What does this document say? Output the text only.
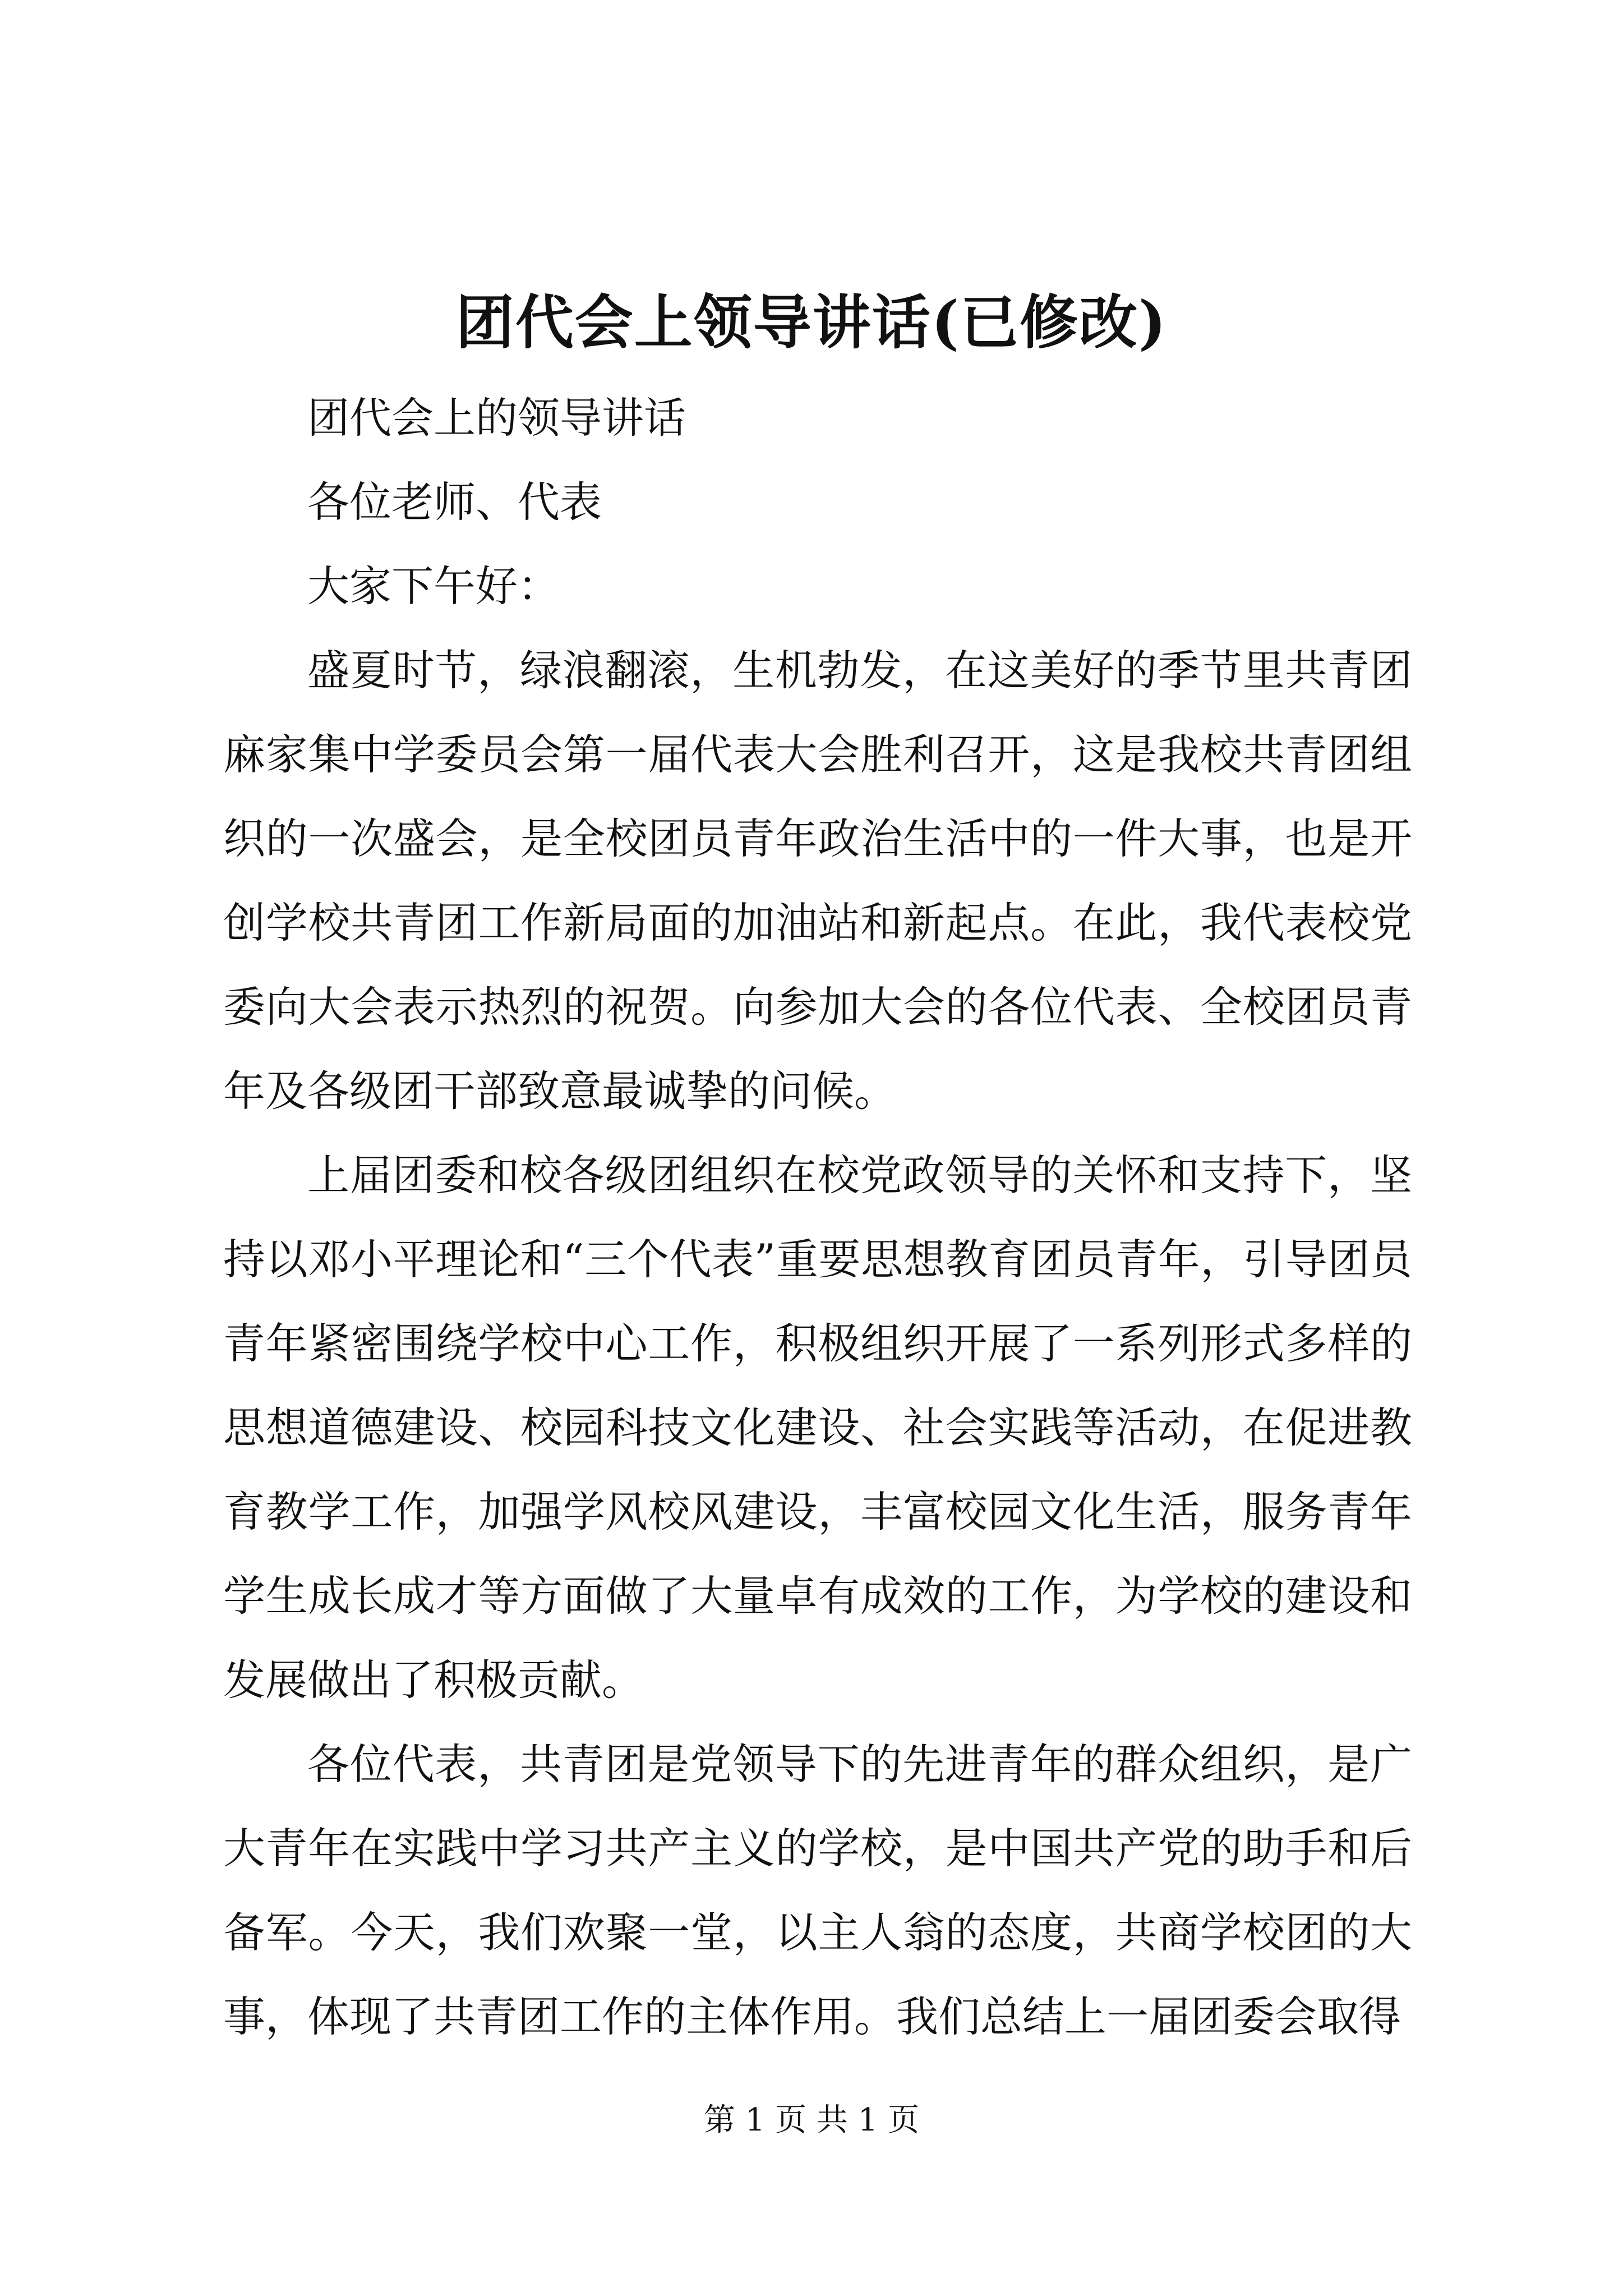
团代会上领导讲话(已修改)

团代会上的领导讲话

各位老师、代表

大家下午好：

盛夏时节，绿浪翻滚，生机勃发，在这美好的季节里共青团麻家集中学委员会第一届代表大会胜利召开，这是我校共青团组织的一次盛会，是全校团员青年政治生活中的一件大事，也是开创学校共青团工作新局面的加油站和新起点。在此，我代表校党委向大会表示热烈的祝贺。向参加大会的各位代表、全校团员青年及各级团干部致意最诚挚的问候。

上届团委和校各级团组织在校党政领导的关怀和支持下，坚持以邓小平理论和“三个代表”重要思想教育团员青年，引导团员青年紧密围绕学校中心工作，积极组织开展了一系列形式多样的思想道德建设、校园科技文化建设、社会实践等活动，在促进教育教学工作，加强学风校风建设，丰富校园文化生活，服务青年学生成长成才等方面做了大量卓有成效的工作，为学校的建设和发展做出了积极贡献。

各位代表，共青团是党领导下的先进青年的群众组织，是广大青年在实践中学习共产主义的学校，是中国共产党的助手和后备军。今天，我们欢聚一堂，以主人翁的态度，共商学校团的大事，体现了共青团工作的主体作用。我们总结上一届团委会取得

第 1 页 共 1 页
